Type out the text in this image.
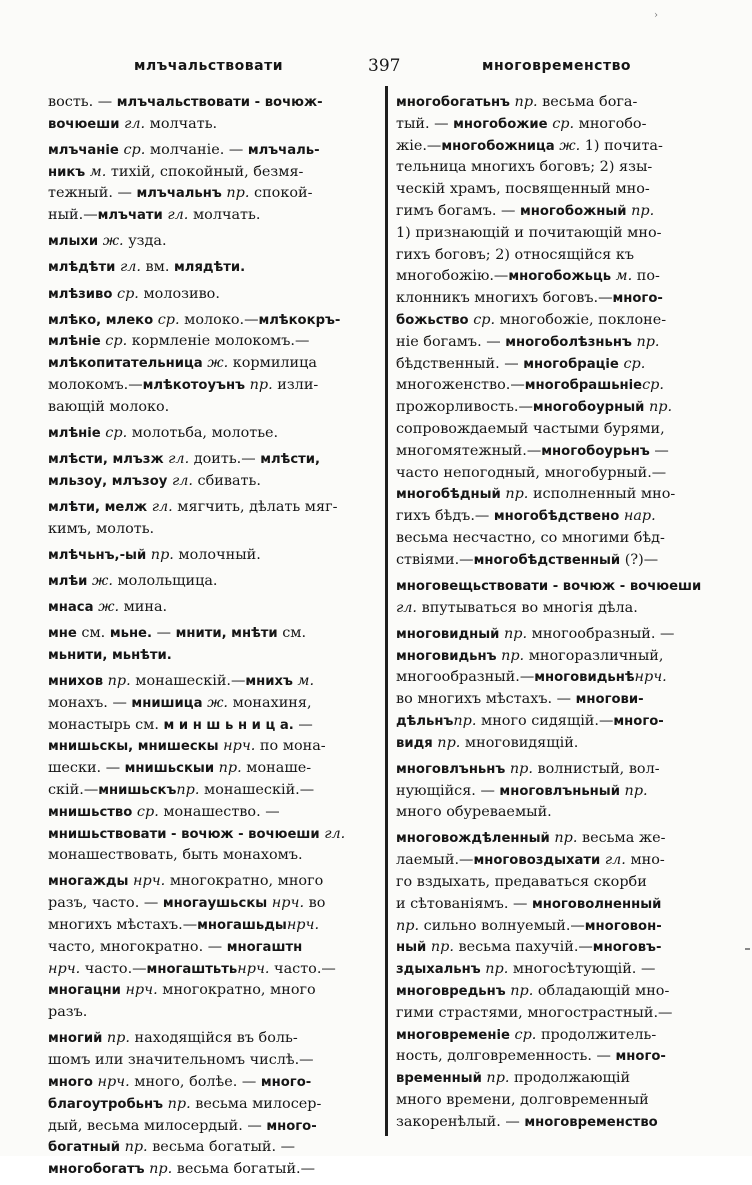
›
млъчальствовати	397	многовременство
вость. — млъчальствовати - вочюж-
вочюеши гл. молчать.
млъчаніе ср. молчаніе. — млъчаль-
никъ м. тихій, спокойный, безмя-
тежный. — млъчальнъ пр. спокой-
ный.—млъчати гл. молчать.
млыхи ж. узда.
млѣдѣти гл. вм. млядѣти.
млѣзиво ср. молозиво.
млѣко, млеко ср. молоко.—млѣкокръ-
млѣніе ср. кормленіе молокомъ.—
млѣкопитательница ж. кормилица
молокомъ.—млѣкотоуънъ пр. изли-
вающій молоко.
млѣніе ср. молотьба, молотье.
млѣсти, млъзж гл. доить.— млѣсти,
мльзоу, млъзоу гл. сбивать.
млѣти, мелж гл. мягчить, дѣлать мяг-
кимъ, молоть.
млѣчьнъ,-ый пр. молочный.
млѣи ж. молольщица.
мнаса ж. мина.
мне см. мьне. — мнити, мнѣти см.
мьнити, мьнѣти.
мнихов пр. монашескій.—мнихъ м.
монахъ. — мнишица ж. монахиня,
монастырь см. м и н ш ь н и ц а. —
мнишьскы, мнишескы нрч. по мона-
шески. — мнишьскыи пр. монаше-
скій.—мнишьскъпр. монашескій.—
мнишьство ср. монашество. —
мнишьствовати - вочюж - вочюеши гл.
монашествовать, быть монахомъ.
многажды нрч. многократно, много
разъ, часто. — многаушьскы нрч. во
многихъ мѣстахъ.—многашьдынрч.
часто, многократно. — многаштн
нрч. часто.—многаштьтьнрч. часто.—
многацни нрч. многократно, много
разъ.
многий пр. находящійся въ боль-
шомъ или значительномъ числѣ.—
много нрч. много, болѣе. — много-
благоутробьнъ пр. весьма милосер-
дый, весьма милосердый. — много-
богатный пр. весьма богатый. —
многобогатъ пр. весьма богатый.—
многобогатьнъ пр. весьма бога-
тый. — многобожие ср. многобо-
жіе.—многобожница ж. 1) почита-
тельница многихъ боговъ; 2) язы-
ческій храмъ, посвященный мно-
гимъ богамъ. — многобожный пр.
1) признающій и почитающій мно-
гихъ боговъ; 2) относящійся къ
многобожію.—многобожьць м. по-
клонникъ многихъ боговъ.—много-
божьство ср. многобожіе, поклоне-
ніе богамъ. — многоболѣзньнъ пр.
бѣдственный. — многобраціе ср.
многоженство.—многобрашьніеср.
прожорливость.—многобоурный пр.
сопровождаемый частыми бурями,
многомятежный.—многобоурьнъ —
часто непогодный, многобурный.—
многобѣдный пр. исполненный мно-
гихъ бѣдъ.— многобѣдствено нар.
весьма несчастно, со многими бѣд-
ствіями.—многобѣдственный (?)—
многовещьствовати - вочюж - вочюеши
гл. впутываться во многія дѣла.
многовидный пр. многообразный. —
многовидьнъ пр. многоразличный,
многообразный.—многовидьнѣнрч.
во многихъ мѣстахъ. — многови-
дѣльнъпр. много сидящій.—много-
видя пр. многовидящій.
многовлъньнъ пр. волнистый, вол-
нующійся. — многовлъньный пр.
много обуреваемый.
многовождѣленный пр. весьма же-
лаемый.—многовоздыхати гл. мно-
го вздыхать, предаваться скорби
и сѣтованіямъ. — многоволненный
пр. сильно волнуемый.—многовон-
ный пр. весьма пахучій.—многовъ-
здыхальнъ пр. многосѣтующій. —
многовредьнъ пр. обладающій мно-
гими страстями, многострастный.—
многовременіе ср. продолжитель-
ность, долговременность. — много-
временный пр. продолжающій
много времени, долговременный
закоренѣлый. — многовременство
